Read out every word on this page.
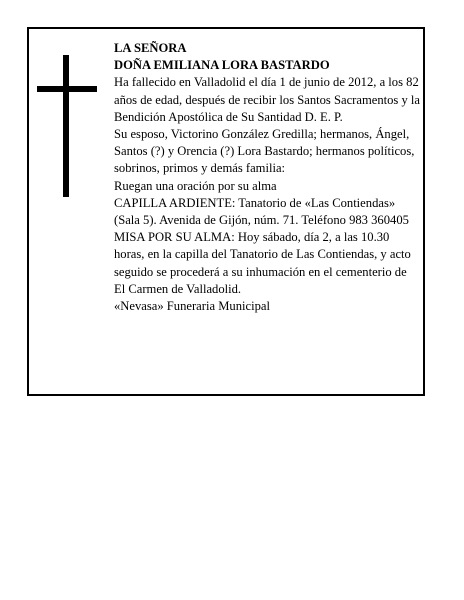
LA SEÑORA

DOÑA EMILIANA LORA BASTARDO

Ha fallecido en Valladolid el día 1 de junio de 2012, a los 82 años de edad, después de recibir los Santos Sacramentos y la Bendición Apostólica de Su Santidad D. E. P.

Su esposo, Victorino González Gredilla; hermanos, Ángel, Santos (?) y Orencia (?) Lora Bastardo; hermanos políticos, sobrinos, primos y demás familia:

Ruegan una oración por su alma

CAPILLA ARDIENTE: Tanatorio de «Las Contiendas» (Sala 5). Avenida de Gijón, núm. 71. Teléfono 983 360405

MISA POR SU ALMA: Hoy sábado, día 2, a las 10.30 horas, en la capilla del Tanatorio de Las Contiendas, y acto seguido se procederá a su inhumación en el cementerio de El Carmen de Valladolid.

«Nevasa» Funeraria Municipal
